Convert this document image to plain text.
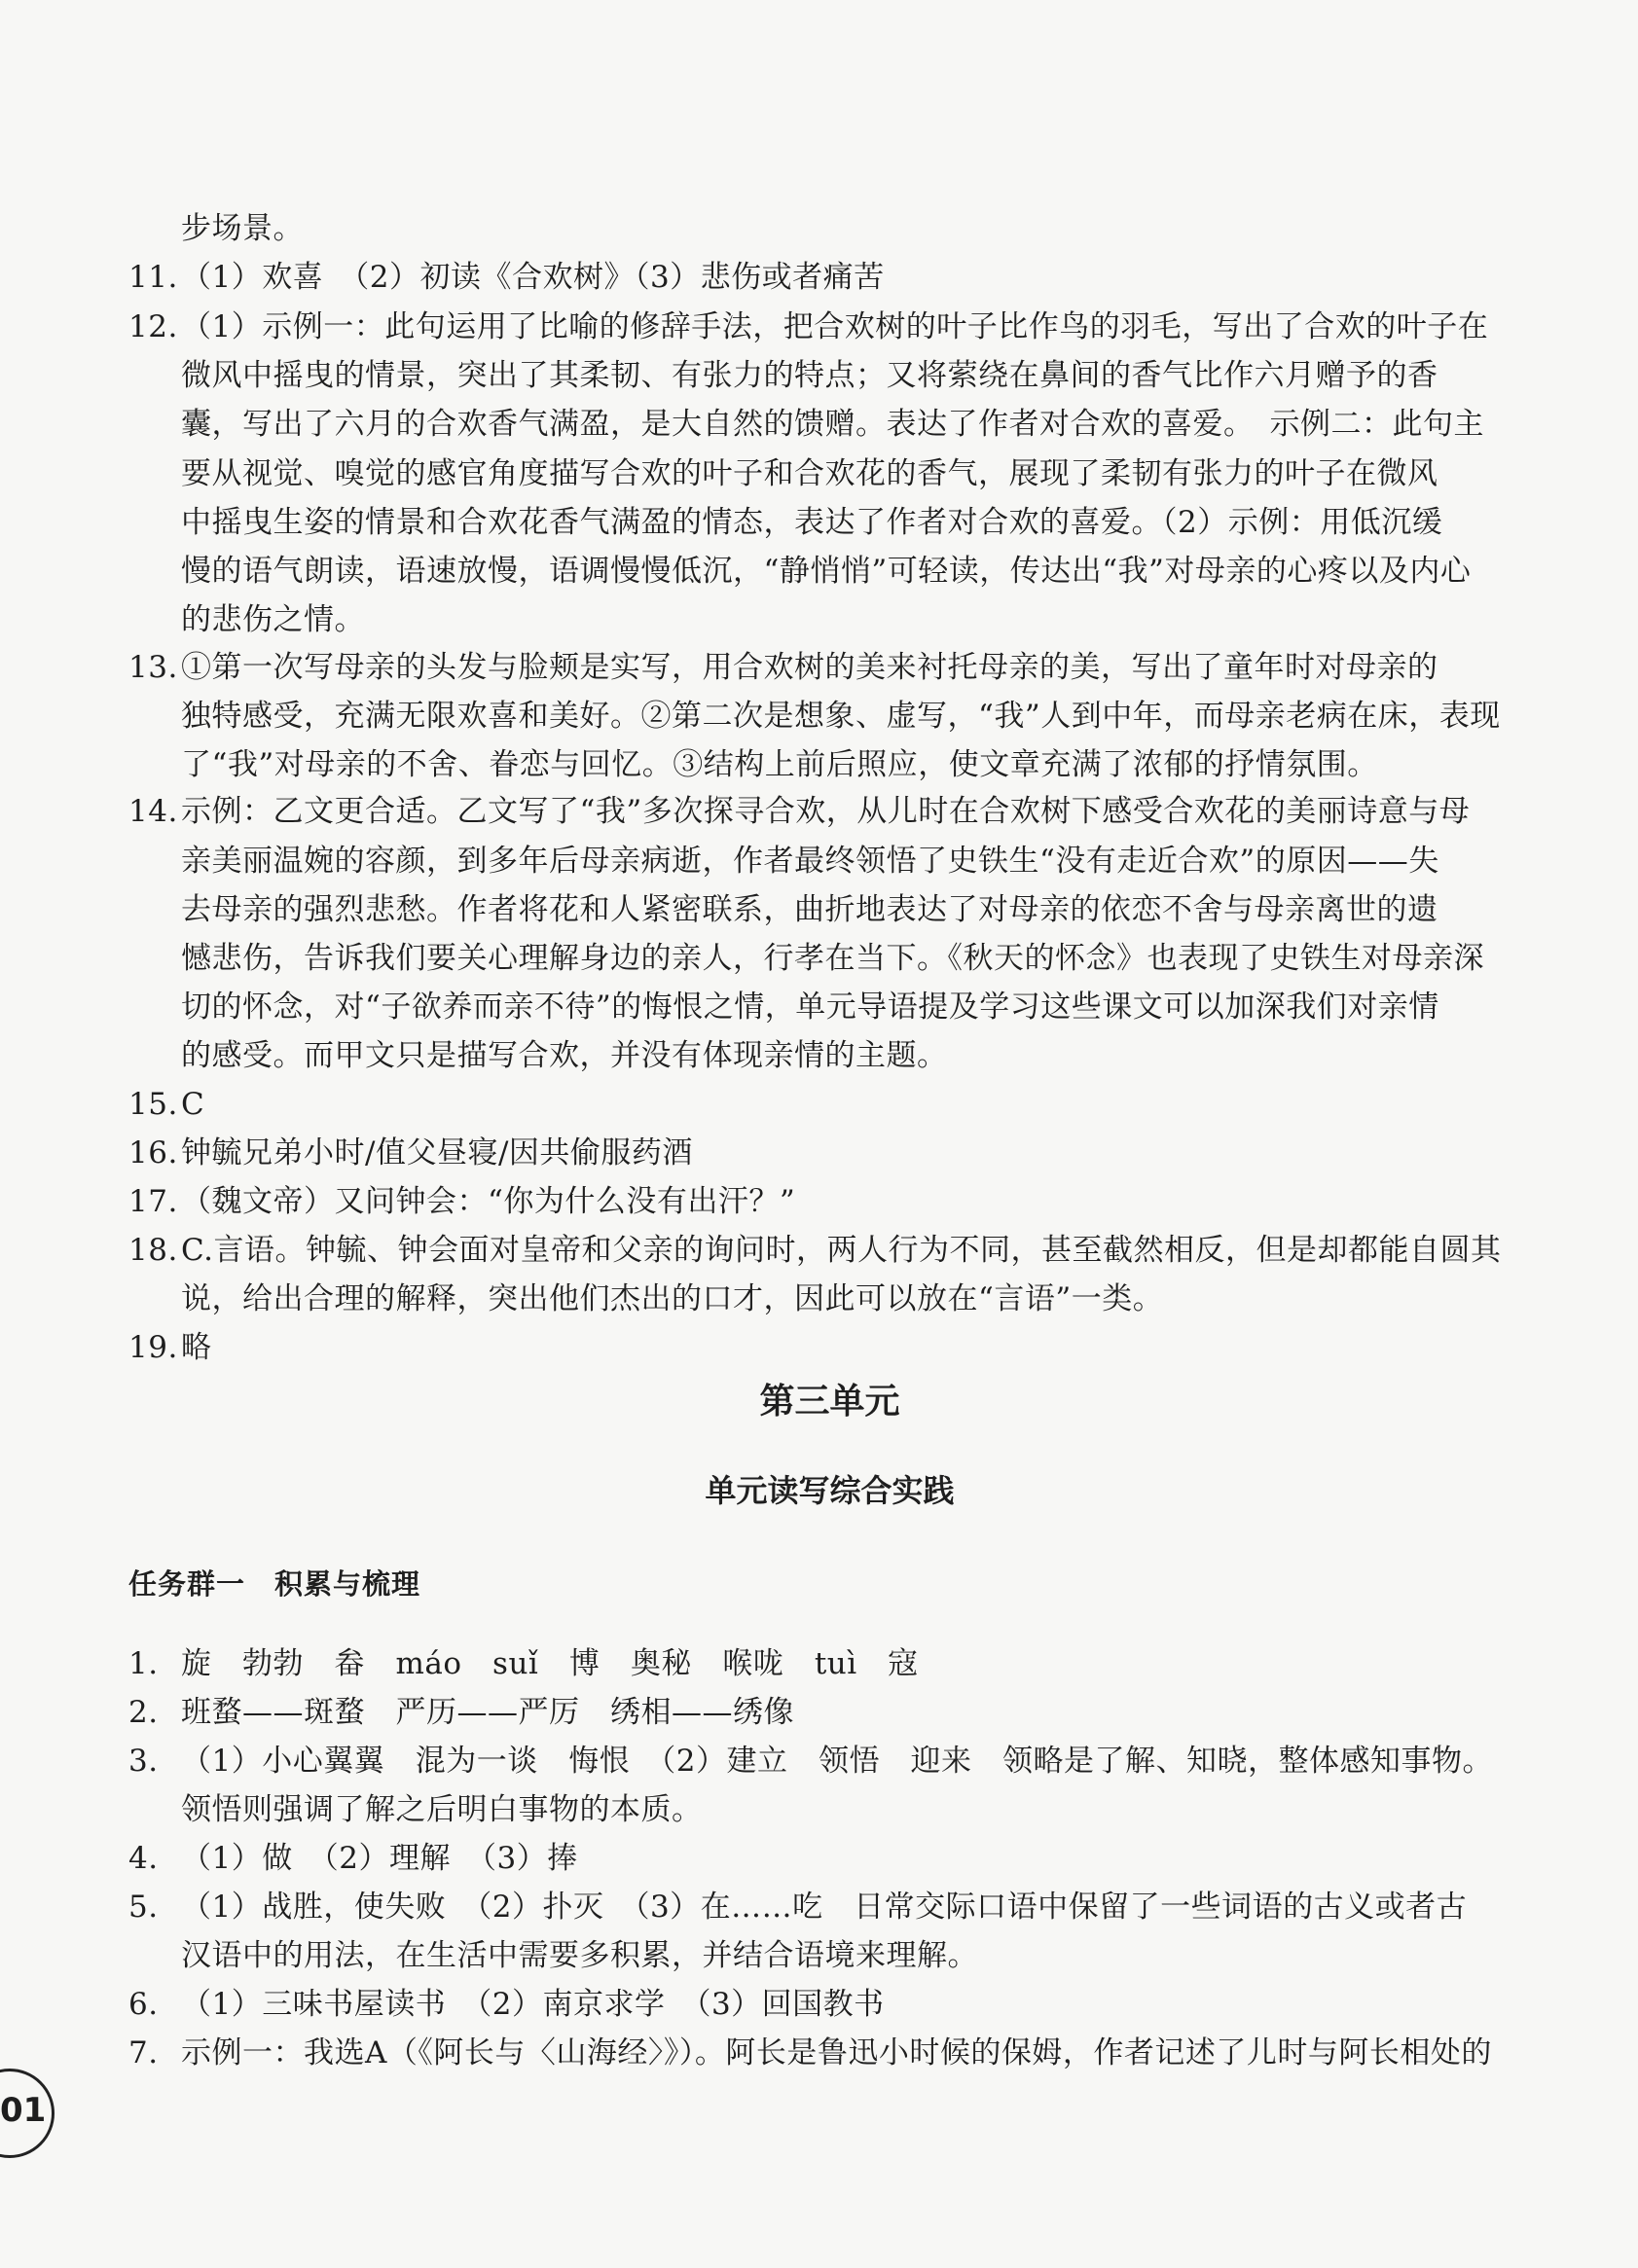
步场景。
11. （1）欢喜　（2）初读《合欢树》（3）悲伤或者痛苦
12. （1）示例一：此句运用了比喻的修辞手法，把合欢树的叶子比作鸟的羽毛，写出了合欢的叶子在
微风中摇曳的情景，突出了其柔韧、有张力的特点；又将萦绕在鼻间的香气比作六月赠予的香
囊，写出了六月的合欢香气满盈，是大自然的馈赠。表达了作者对合欢的喜爱。　示例二：此句主
要从视觉、嗅觉的感官角度描写合欢的叶子和合欢花的香气，展现了柔韧有张力的叶子在微风
中摇曳生姿的情景和合欢花香气满盈的情态，表达了作者对合欢的喜爱。（2）示例：用低沉缓
慢的语气朗读，语速放慢，语调慢慢低沉，“静悄悄”可轻读，传达出“我”对母亲的心疼以及内心
的悲伤之情。
13. ①第一次写母亲的头发与脸颊是实写，用合欢树的美来衬托母亲的美，写出了童年时对母亲的
独特感受，充满无限欢喜和美好。②第二次是想象、虚写，“我”人到中年，而母亲老病在床，表现
了“我”对母亲的不舍、眷恋与回忆。③结构上前后照应，使文章充满了浓郁的抒情氛围。
14. 示例：乙文更合适。乙文写了“我”多次探寻合欢，从儿时在合欢树下感受合欢花的美丽诗意与母
亲美丽温婉的容颜，到多年后母亲病逝，作者最终领悟了史铁生“没有走近合欢”的原因——失
去母亲的强烈悲愁。作者将花和人紧密联系，曲折地表达了对母亲的依恋不舍与母亲离世的遗
憾悲伤，告诉我们要关心理解身边的亲人，行孝在当下。《秋天的怀念》也表现了史铁生对母亲深
切的怀念，对“子欲养而亲不待”的悔恨之情，单元导语提及学习这些课文可以加深我们对亲情
的感受。而甲文只是描写合欢，并没有体现亲情的主题。
15. C
16. 钟毓兄弟小时/值父昼寝/因共偷服药酒
17. （魏文帝）又问钟会：“你为什么没有出汗？”
18. C.言语。钟毓、钟会面对皇帝和父亲的询问时，两人行为不同，甚至截然相反，但是却都能自圆其
说，给出合理的解释，突出他们杰出的口才，因此可以放在“言语”一类。
19. 略
第三单元
单元读写综合实践
任务群一　积累与梳理
1. 旋　勃勃　畚　máo　suǐ　博　奥秘　喉咙　tuì　寇
2. 班蝥——斑蝥　严历——严厉　绣相——绣像
3. （1）小心翼翼　混为一谈　悔恨　（2）建立　领悟　迎来　领略是了解、知晓，整体感知事物。
领悟则强调了解之后明白事物的本质。
4. （1）做　（2）理解　（3）捧
5. （1）战胜，使失败　（2）扑灭　（3）在……吃　日常交际口语中保留了一些词语的古义或者古
汉语中的用法，在生活中需要多积累，并结合语境来理解。
6. （1）三味书屋读书　（2）南京求学　（3）回国教书
7. 示例一：我选A（《阿长与〈山海经〉》）。阿长是鲁迅小时候的保姆，作者记述了儿时与阿长相处的
01
